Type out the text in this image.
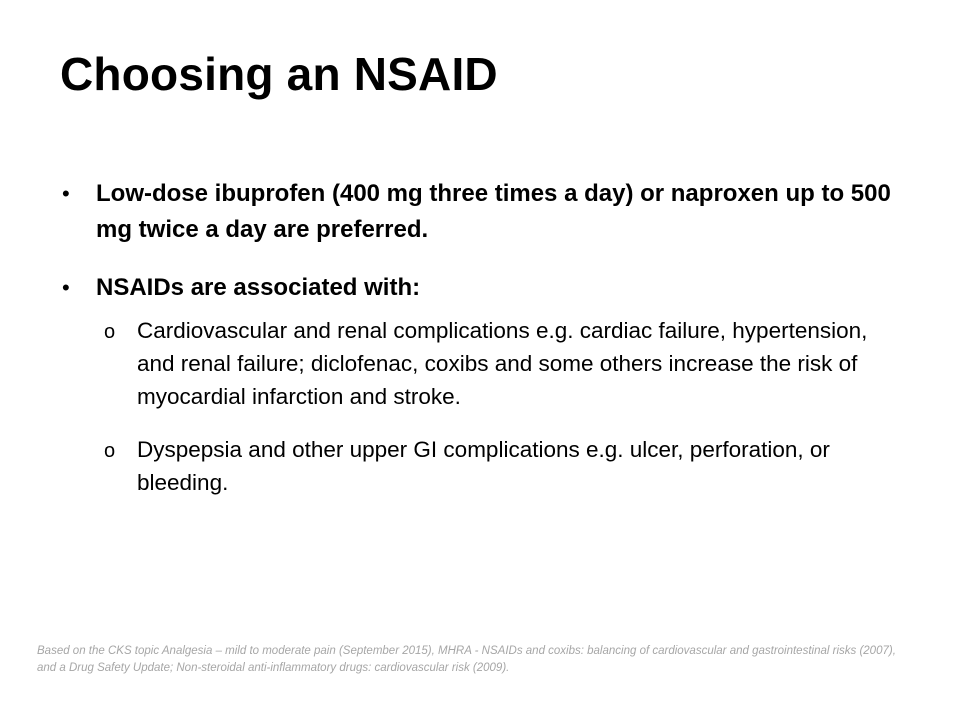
Choosing an NSAID
• Low-dose ibuprofen (400 mg three times a day) or naproxen up to 500 mg twice a day are preferred.
• NSAIDs are associated with:
o Cardiovascular and renal complications e.g. cardiac failure, hypertension, and renal failure; diclofenac, coxibs and some others increase the risk of myocardial infarction and stroke.
o Dyspepsia and other upper GI complications e.g. ulcer, perforation, or bleeding.

Based on the CKS topic Analgesia – mild to moderate pain (September 2015), MHRA - NSAIDs and coxibs: balancing of cardiovascular and gastrointestinal risks (2007), and a Drug Safety Update; Non-steroidal anti-inflammatory drugs: cardiovascular risk (2009).
